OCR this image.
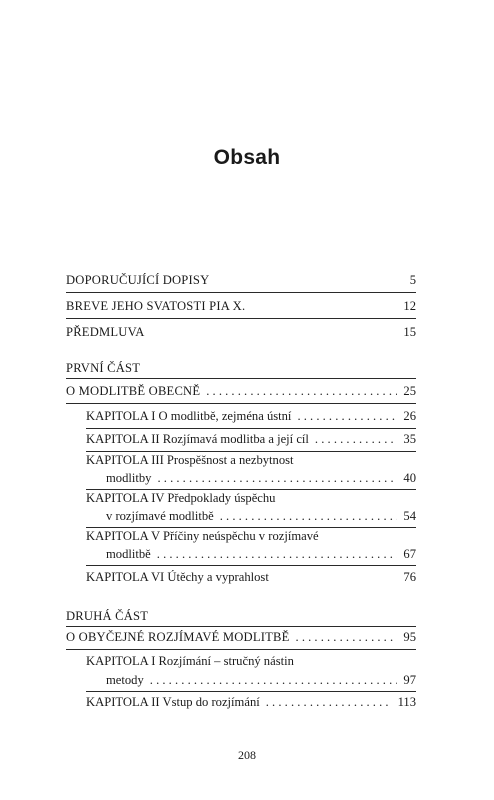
Obsah
DOPORUČUJÍCÍ DOPISY	5
BREVE JEHO SVATOSTI PIA X.	12
PŘEDMLUVA	15
PRVNÍ ČÁST
O MODLITBĚ OBECNĚ . . .	25
KAPITOLA I O modlitbě, zejména ústní . . .	26
KAPITOLA II Rozjímavá modlitba a její cíl . . .	35
KAPITOLA III Prospěšnost a nezbytnost
modlitby . . .	40
KAPITOLA IV Předpoklady úspěchu
v rozjímavé modlitbě . . .	54
KAPITOLA V Příčiny neúspěchu v rozjímavé
modlitbě . . .	67
KAPITOLA VI Útěchy a vyprahlost	76
DRUHÁ ČÁST
O OBYČEJNÉ ROZJÍMAVÉ MODLITBĚ . . .	95
KAPITOLA I Rozjímání – stručný nástin
metody . . .	97
KAPITOLA II Vstup do rozjímání . . .	113
208
